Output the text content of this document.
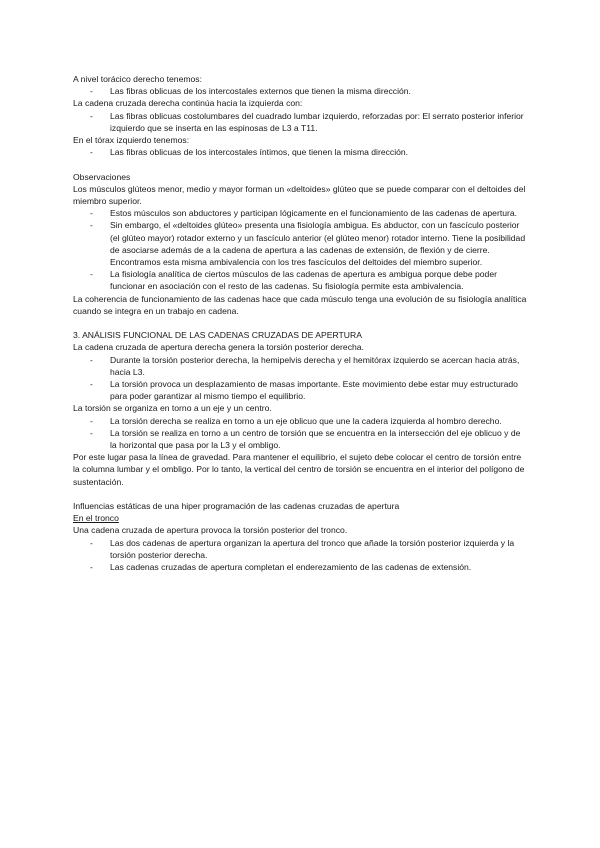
A nivel torácico derecho tenemos:

- Las fibras oblicuas de los intercostales externos que tienen la misma dirección.

La cadena cruzada derecha continúa hacia la izquierda con:

- Las fibras oblicuas costolumbares del cuadrado lumbar izquierdo, reforzadas por: El serrato posterior inferior izquierdo que se inserta en las espinosas de L3 a T11.

En el tórax izquierdo tenemos:

- Las fibras oblicuas de los intercostales íntimos, que tienen la misma dirección.

Observaciones

Los músculos glúteos menor, medio y mayor forman un «deltoides» glúteo que se puede comparar con el deltoides del miembro superior.

- Estos músculos son abductores y participan lógicamente en el funcionamiento de las cadenas de apertura.
- Sin embargo, el «deltoides glúteo» presenta una fisiología ambigua. Es abductor, con un fascículo posterior (el glúteo mayor) rotador externo y un fascículo anterior (el glúteo menor) rotador interno. Tiene la posibilidad de asociarse además de a la cadena de apertura a las cadenas de extensión, de flexión y de cierre. Encontramos esta misma ambivalencia con los tres fascículos del deltoides del miembro superior.
- La fisiología analítica de ciertos músculos de las cadenas de apertura es ambigua porque debe poder funcionar en asociación con el resto de las cadenas. Su fisiología permite esta ambivalencia.

La coherencia de funcionamiento de las cadenas hace que cada músculo tenga una evolución de su fisiología analítica cuando se integra en un trabajo en cadena.

3. ANÁLISIS FUNCIONAL DE LAS CADENAS CRUZADAS DE APERTURA

La cadena cruzada de apertura derecha genera la torsión posterior derecha.

- Durante la torsión posterior derecha, la hemipelvis derecha y el hemitórax izquierdo se acercan hacia atrás, hacia L3.
- La torsión provoca un desplazamiento de masas importante. Este movimiento debe estar muy estructurado para poder garantizar al mismo tiempo el equilibrio.

La torsión se organiza en torno a un eje y un centro.

- La torsión derecha se realiza en torno a un eje oblicuo que une la cadera izquierda al hombro derecho.
- La torsión se realiza en torno a un centro de torsión que se encuentra en la intersección del eje oblicuo y de la horizontal que pasa por la L3 y el ombligo.

Por este lugar pasa la línea de gravedad. Para mantener el equilibrio, el sujeto debe colocar el centro de torsión entre la columna lumbar y el ombligo. Por lo tanto, la vertical del centro de torsión se encuentra en el interior del polígono de sustentación.

Influencias estáticas de una hiper programación de las cadenas cruzadas de apertura

En el tronco

Una cadena cruzada de apertura provoca la torsión posterior del tronco.

- Las dos cadenas de apertura organizan la apertura del tronco que añade la torsión posterior izquierda y la torsión posterior derecha.
- Las cadenas cruzadas de apertura completan el enderezamiento de las cadenas de extensión.
